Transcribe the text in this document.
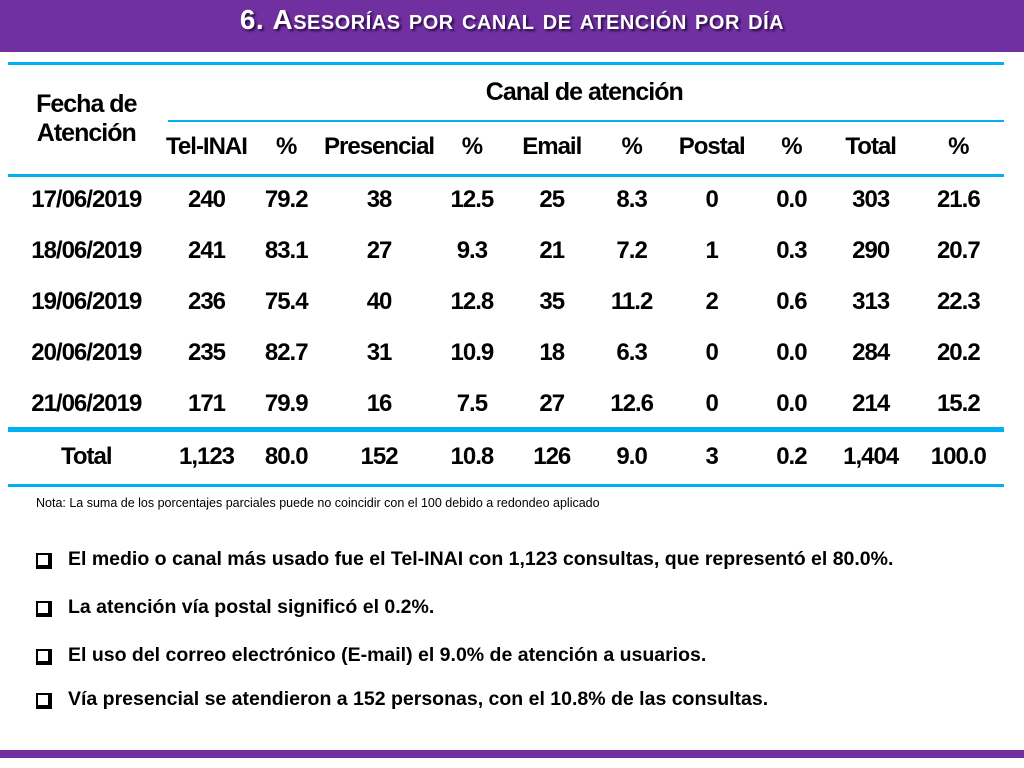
6. Asesorías por canal de atención por día
Fecha de Atención	Canal de atención									
	Tel-INAI	%	Presencial	%	Email	%	Postal	%	Total	%
17/06/2019	240	79.2	38	12.5	25	8.3	0	0.0	303	21.6
18/06/2019	241	83.1	27	9.3	21	7.2	1	0.3	290	20.7
19/06/2019	236	75.4	40	12.8	35	11.2	2	0.6	313	22.3
20/06/2019	235	82.7	31	10.9	18	6.3	0	0.0	284	20.2
21/06/2019	171	79.9	16	7.5	27	12.6	0	0.0	214	15.2
Total	1,123	80.0	152	10.8	126	9.0	3	0.2	1,404	100.0
Nota: La suma de los porcentajes parciales puede no coincidir con el 100 debido a redondeo aplicado
El medio o canal más usado fue el Tel-INAI con 1,123 consultas, que representó el 80.0%.
La atención vía postal significó el 0.2%.
El uso del correo electrónico (E-mail) el 9.0% de atención a usuarios.
Vía presencial se atendieron a 152 personas, con el 10.8% de las consultas.
